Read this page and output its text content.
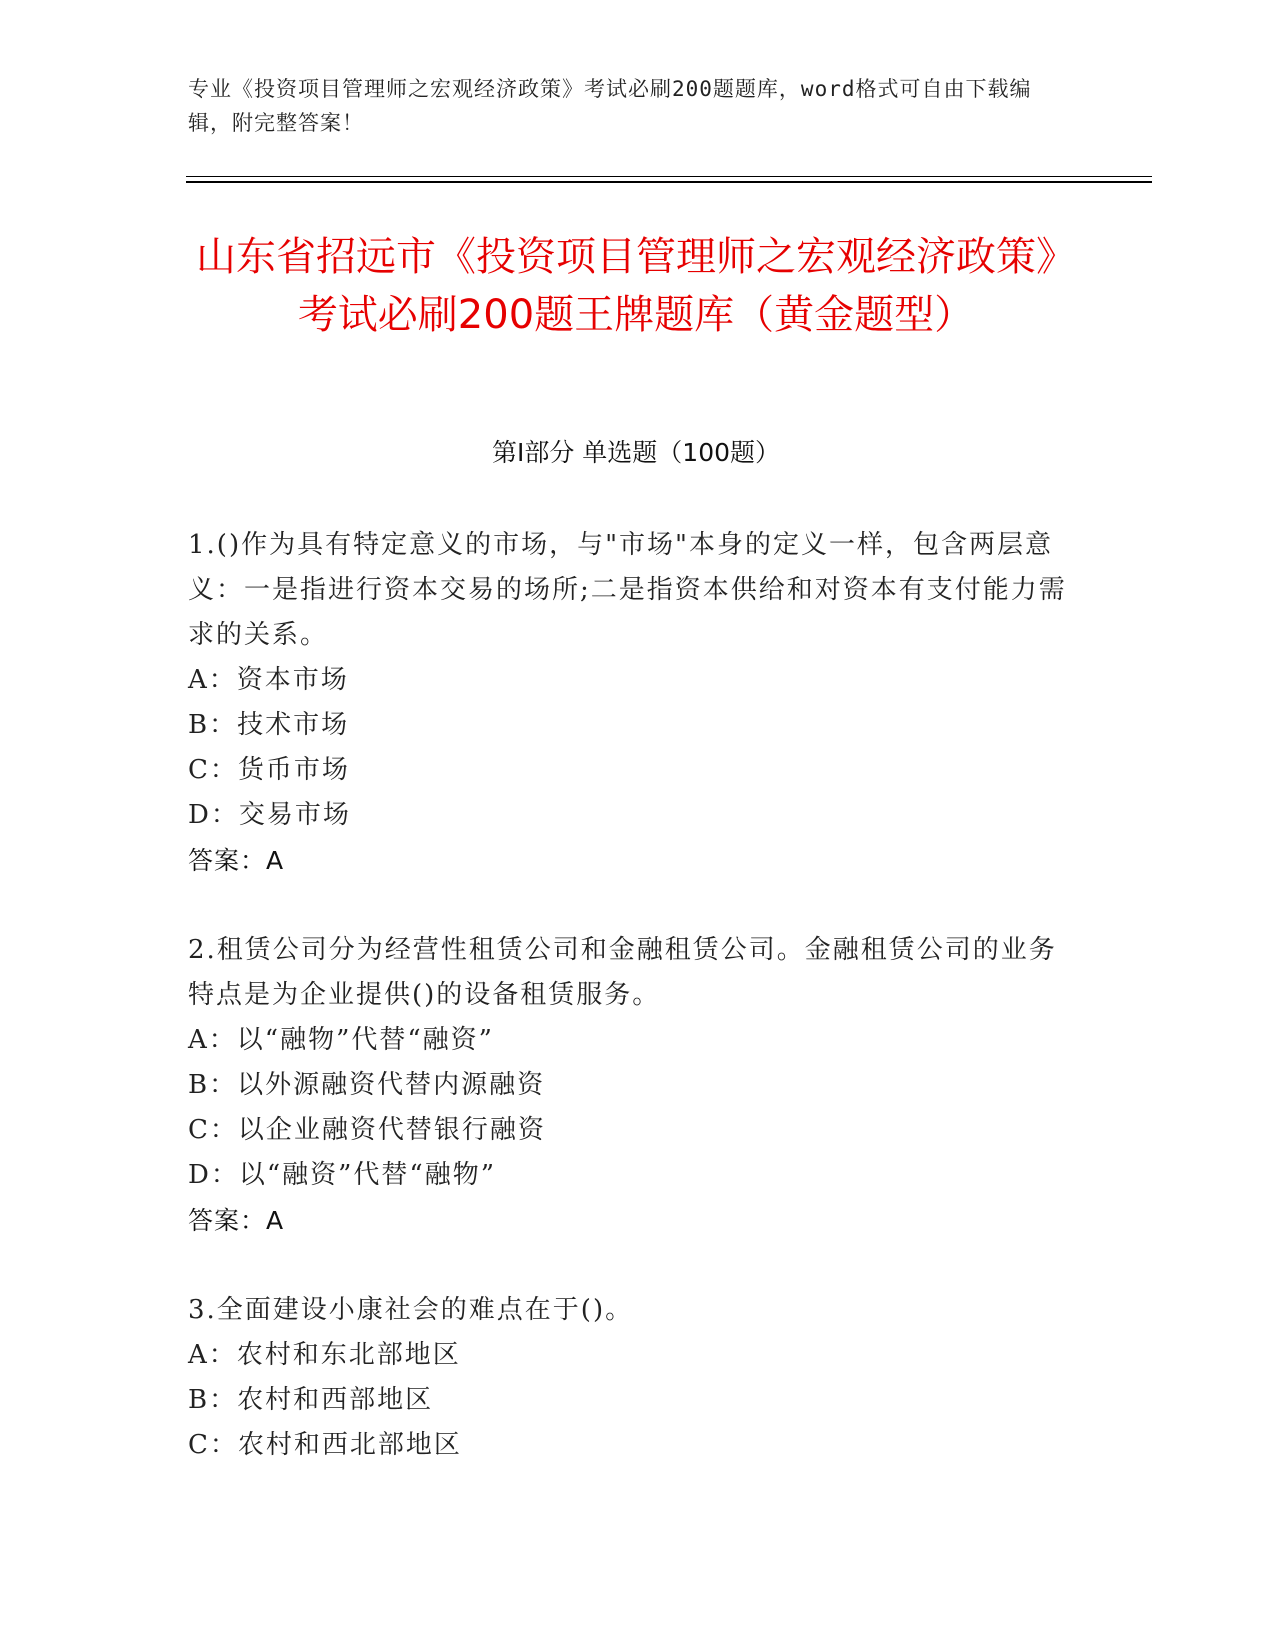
专业《投资项目管理师之宏观经济政策》考试必刷200题题库，word格式可自由下载编辑，附完整答案！
山东省招远市《投资项目管理师之宏观经济政策》考试必刷200题王牌题库（黄金题型）
第I部分 单选题（100题）

1.()作为具有特定意义的市场，与"市场"本身的定义一样，包含两层意义：一是指进行资本交易的场所;二是指资本供给和对资本有支付能力需求的关系。

A：资本市场

B：技术市场

C：货币市场

D：交易市场

答案：A

2.租赁公司分为经营性租赁公司和金融租赁公司。金融租赁公司的业务特点是为企业提供()的设备租赁服务。

A：以“融物”代替“融资”

B：以外源融资代替内源融资

C：以企业融资代替银行融资

D：以“融资”代替“融物”

答案：A

3.全面建设小康社会的难点在于()。

A：农村和东北部地区

B：农村和西部地区

C：农村和西北部地区
